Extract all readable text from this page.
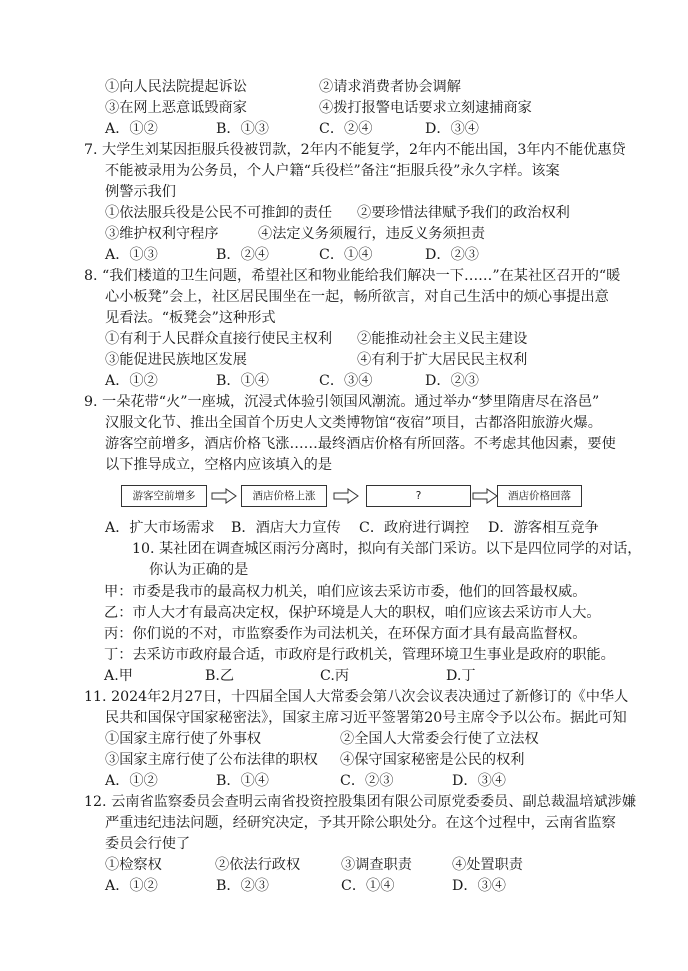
①向人民法院提起诉讼	②请求消费者协会调解
③在网上恶意诋毁商家	④拨打报警电话要求立刻逮捕商家
A．①②	B．①③	C．②④	D．③④
7. 大学生刘某因拒服兵役被罚款，2年内不能复学，2年内不能出国，3年内不能优惠贷
不能被录用为公务员，个人户籍“兵役栏”备注“拒服兵役”永久字样。该案
例警示我们
①依法服兵役是公民不可推卸的责任 ②要珍惜法律赋予我们的政治权利
③维护权利守程序	④法定义务须履行，违反义务须担责
A．①③	B．②④	C．①④	D．②③
8. “我们楼道的卫生问题，希望社区和物业能给我们解决一下……”在某社区召开的“暖
心小板凳”会上，社区居民围坐在一起，畅所欲言，对自己生活中的烦心事提出意
见看法。“板凳会”这种形式
①有利于人民群众直接行使民主权利 ②能推动社会主义民主建设
③能促进民族地区发展	④有利于扩大居民民主权利
A．①②	B．①④	C．③④	D．②③
9. 一朵花带“火”一座城，沉浸式体验引领国风潮流。通过举办“梦里隋唐尽在洛邑”
汉服文化节、推出全国首个历史人文类博物馆“夜宿”项目，古都洛阳旅游火爆。
游客空前增多，酒店价格飞涨……最终酒店价格有所回落。不考虑其他因素，要使
以下推导成立，空格内应该填入的是
游客空前增多	酒店价格上涨	?	酒店价格回落
A．扩大市场需求 B．酒店大力宣传 C．政府进行调控 D．游客相互竞争
10. 某社团在调查城区雨污分离时，拟向有关部门采访。以下是四位同学的对话，
你认为正确的是
甲：市委是我市的最高权力机关，咱们应该去采访市委，他们的回答最权威。
乙：市人大才有最高决定权，保护环境是人大的职权，咱们应该去采访市人大。
丙：你们说的不对，市监察委作为司法机关，在环保方面才具有最高监督权。
丁：去采访市政府最合适，市政府是行政机关，管理环境卫生事业是政府的职能。
A.甲	B.乙	C.丙	D.丁
11. 2024年2月27日，十四届全国人大常委会第八次会议表决通过了新修订的《中华人
民共和国保守国家秘密法》，国家主席习近平签署第20号主席令予以公布。据此可知
①国家主席行使了外事权	②全国人大常委会行使了立法权
③国家主席行使了公布法律的职权 ④保守国家秘密是公民的权利
A．①②	B．①④	C．②③	D．③④
12. 云南省监察委员会查明云南省投资控股集团有限公司原党委委员、副总裁温培斌涉嫌
严重违纪违法问题，经研究决定，予其开除公职处分。在这个过程中，云南省监察
委员会行使了
①检察权	②依法行政权	③调查职责	④处置职责
A．①②	B．②③	C．①④	D．③④
